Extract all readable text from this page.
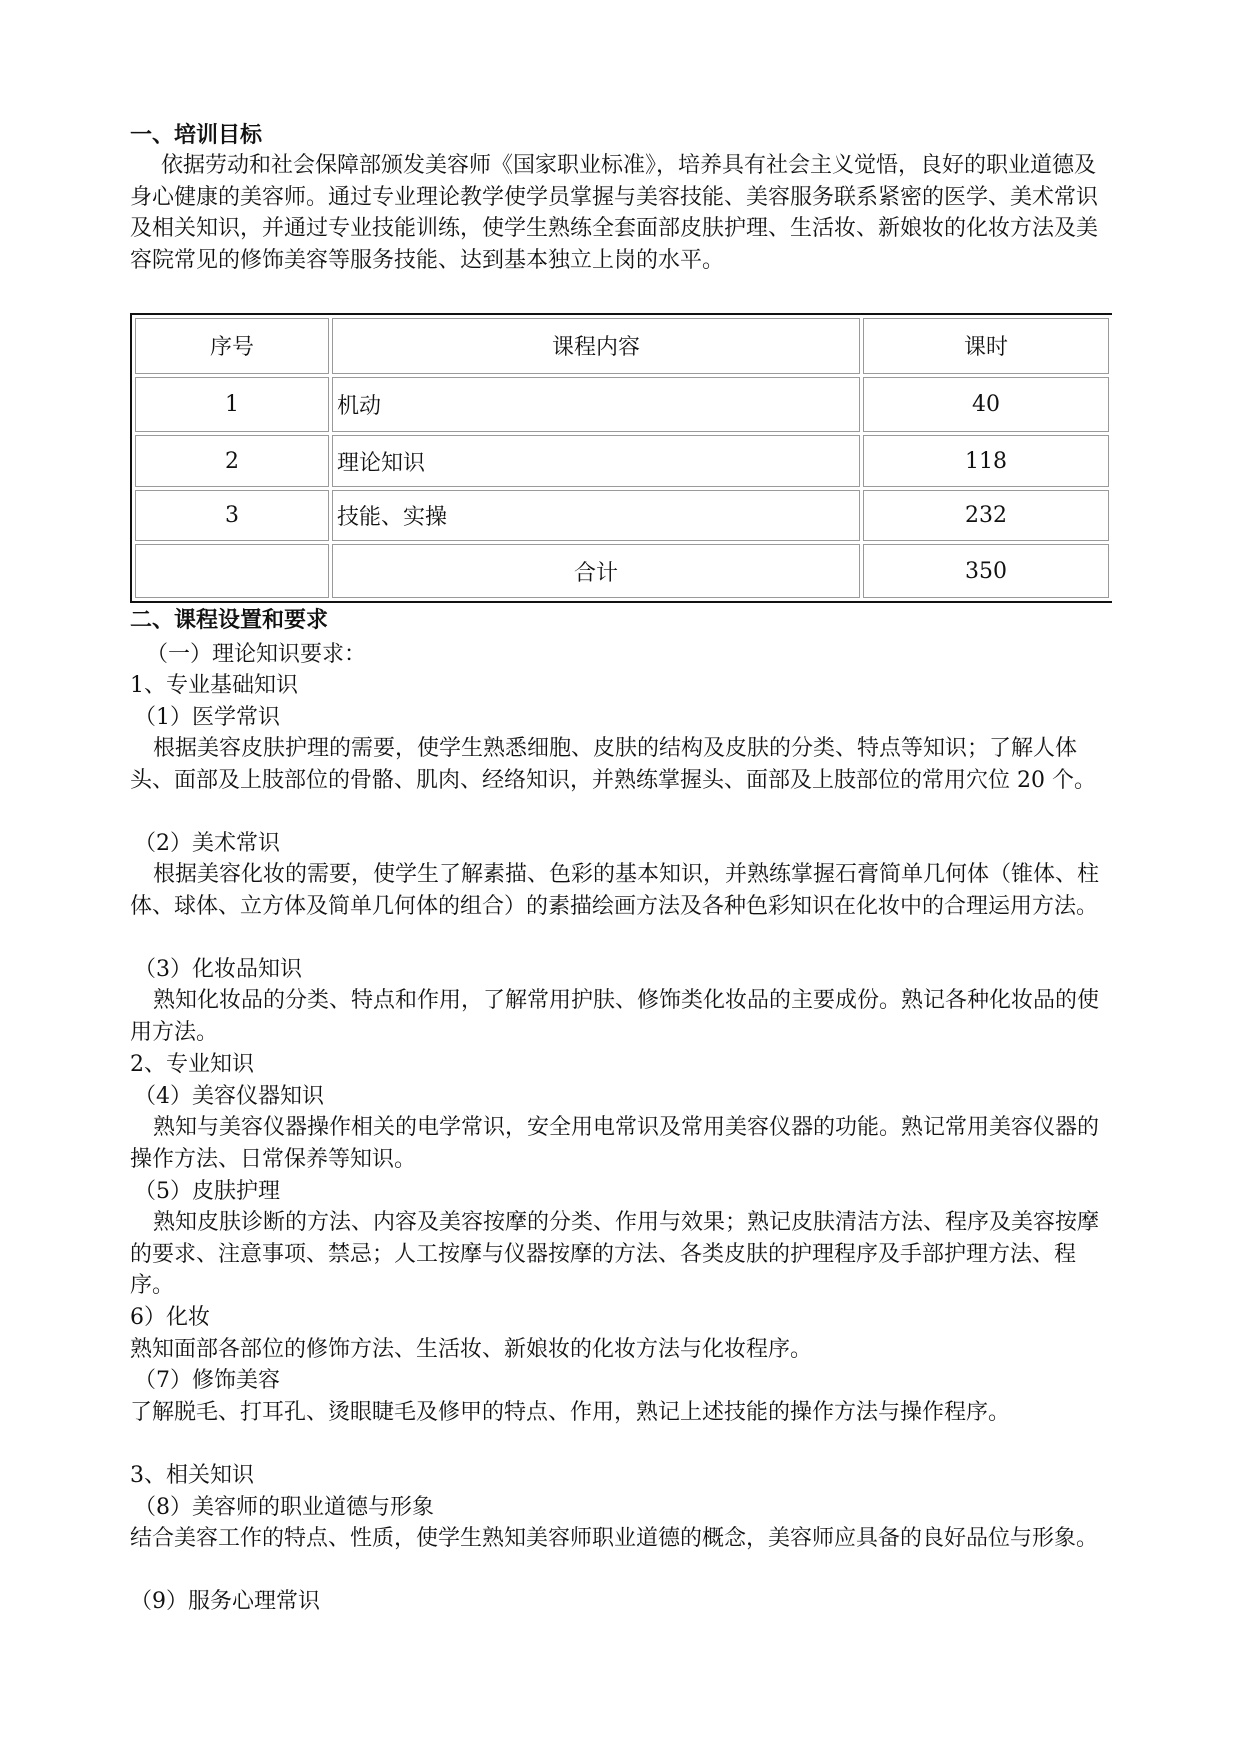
一、培训目标
依据劳动和社会保障部颁发美容师《国家职业标准》，培养具有社会主义觉悟，良好的职业道德及身心健康的美容师。通过专业理论教学使学员掌握与美容技能、美容服务联系紧密的医学、美术常识及相关知识，并通过专业技能训练，使学生熟练全套面部皮肤护理、生活妆、新娘妆的化妆方法及美容院常见的修饰美容等服务技能、达到基本独立上岗的水平。
序号	课程内容	课时
1	机动	40
2	理论知识	118
3	技能、实操	232
	合计	350
二、课程设置和要求
（一）理论知识要求：
1、专业基础知识
（1）医学常识
根据美容皮肤护理的需要，使学生熟悉细胞、皮肤的结构及皮肤的分类、特点等知识；了解人体头、面部及上肢部位的骨骼、肌肉、经络知识，并熟练掌握头、面部及上肢部位的常用穴位 20 个。
（2）美术常识
根据美容化妆的需要，使学生了解素描、色彩的基本知识，并熟练掌握石膏简单几何体（锥体、柱体、球体、立方体及简单几何体的组合）的素描绘画方法及各种色彩知识在化妆中的合理运用方法。
（3）化妆品知识
熟知化妆品的分类、特点和作用，了解常用护肤、修饰类化妆品的主要成份。熟记各种化妆品的使用方法。
2、专业知识
（4）美容仪器知识
熟知与美容仪器操作相关的电学常识，安全用电常识及常用美容仪器的功能。熟记常用美容仪器的操作方法、日常保养等知识。
（5）皮肤护理
熟知皮肤诊断的方法、内容及美容按摩的分类、作用与效果；熟记皮肤清洁方法、程序及美容按摩的要求、注意事项、禁忌；人工按摩与仪器按摩的方法、各类皮肤的护理程序及手部护理方法、程序。
6）化妆
熟知面部各部位的修饰方法、生活妆、新娘妆的化妆方法与化妆程序。
（7）修饰美容
了解脱毛、打耳孔、烫眼睫毛及修甲的特点、作用，熟记上述技能的操作方法与操作程序。
3、相关知识
（8）美容师的职业道德与形象
结合美容工作的特点、性质，使学生熟知美容师职业道德的概念，美容师应具备的良好品位与形象。
（9）服务心理常识
